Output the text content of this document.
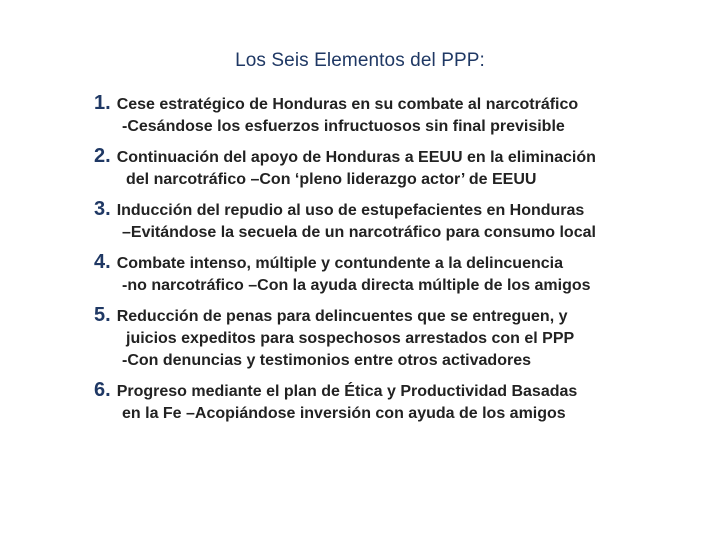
Los Seis Elementos del PPP:
1. Cese estratégico de Honduras en su combate al narcotráfico
-Cesándose los esfuerzos infructuosos sin final previsible
2. Continuación del apoyo de Honduras a EEUU en la eliminación
del narcotráfico –Con ‘pleno liderazgo actor’ de EEUU
3. Inducción del repudio al uso de estupefacientes en Honduras
–Evitándose la secuela de un narcotráfico para consumo local
4. Combate intenso, múltiple y contundente a la delincuencia
-no narcotráfico –Con la ayuda directa múltiple de los amigos
5. Reducción de penas para delincuentes que se entreguen, y
juicios expeditos para sospechosos arrestados con el PPP
-Con denuncias y testimonios entre otros activadores
6. Progreso mediante el plan de Ética y Productividad Basadas
en la Fe –Acopiándose inversión con ayuda de los amigos
